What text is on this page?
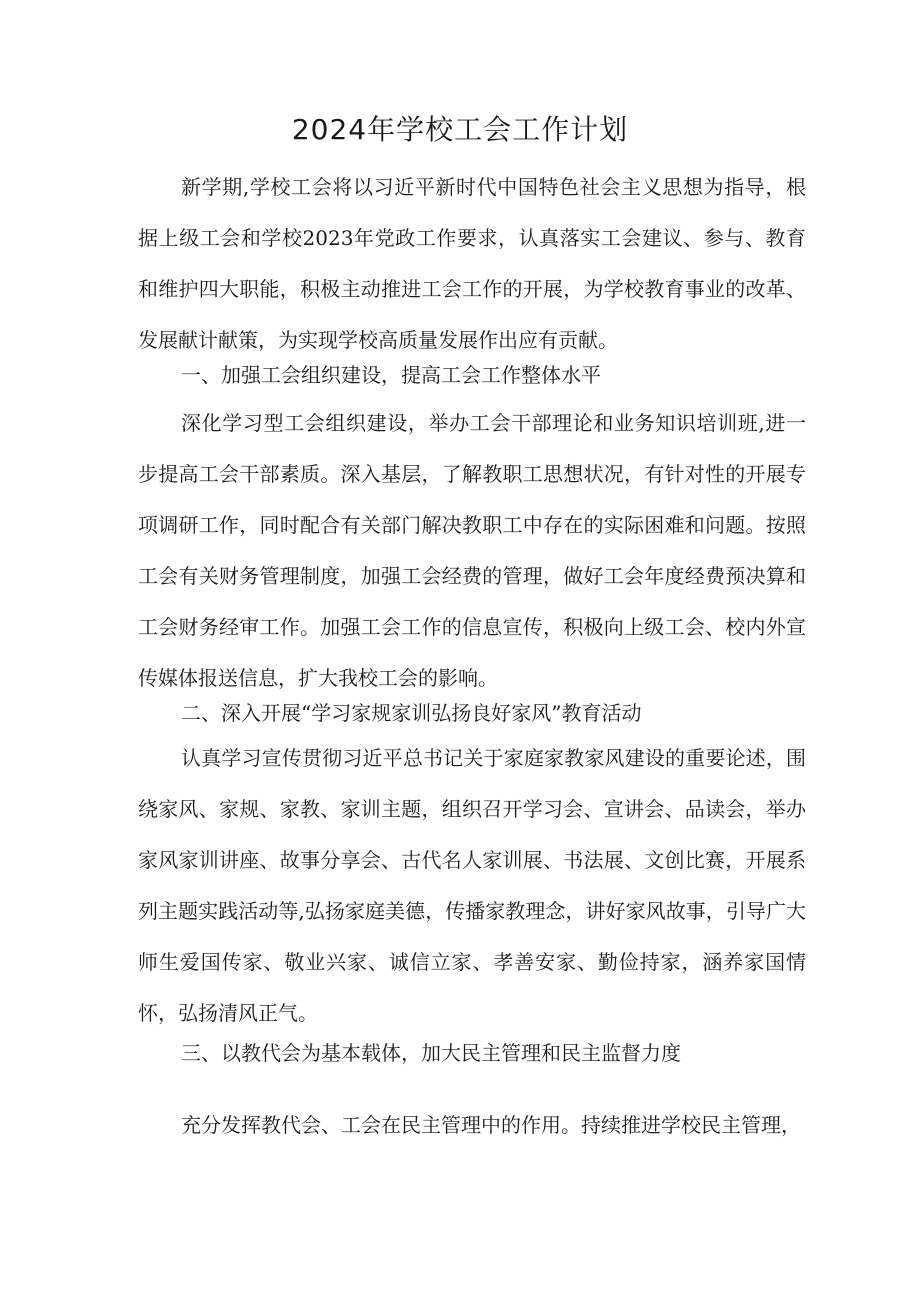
2024年学校工会工作计划

新学期,学校工会将以习近平新时代中国特色社会主义思想为指导，根据上级工会和学校2023年党政工作要求，认真落实工会建议、参与、教育和维护四大职能，积极主动推进工会工作的开展，为学校教育事业的改革、发展献计献策，为实现学校高质量发展作出应有贡献。

一、加强工会组织建设，提高工会工作整体水平

深化学习型工会组织建设，举办工会干部理论和业务知识培训班,进一步提高工会干部素质。深入基层，了解教职工思想状况，有针对性的开展专项调研工作，同时配合有关部门解决教职工中存在的实际困难和问题。按照工会有关财务管理制度，加强工会经费的管理，做好工会年度经费预决算和工会财务经审工作。加强工会工作的信息宣传，积极向上级工会、校内外宣传媒体报送信息，扩大我校工会的影响。

二、深入开展“学习家规家训弘扬良好家风”教育活动

认真学习宣传贯彻习近平总书记关于家庭家教家风建设的重要论述，围绕家风、家规、家教、家训主题，组织召开学习会、宣讲会、品读会，举办家风家训讲座、故事分享会、古代名人家训展、书法展、文创比赛，开展系列主题实践活动等,弘扬家庭美德，传播家教理念，讲好家风故事，引导广大师生爱国传家、敬业兴家、诚信立家、孝善安家、勤俭持家，涵养家国情怀，弘扬清风正气。

三、以教代会为基本载体，加大民主管理和民主监督力度

充分发挥教代会、工会在民主管理中的作用。持续推进学校民主管理，
